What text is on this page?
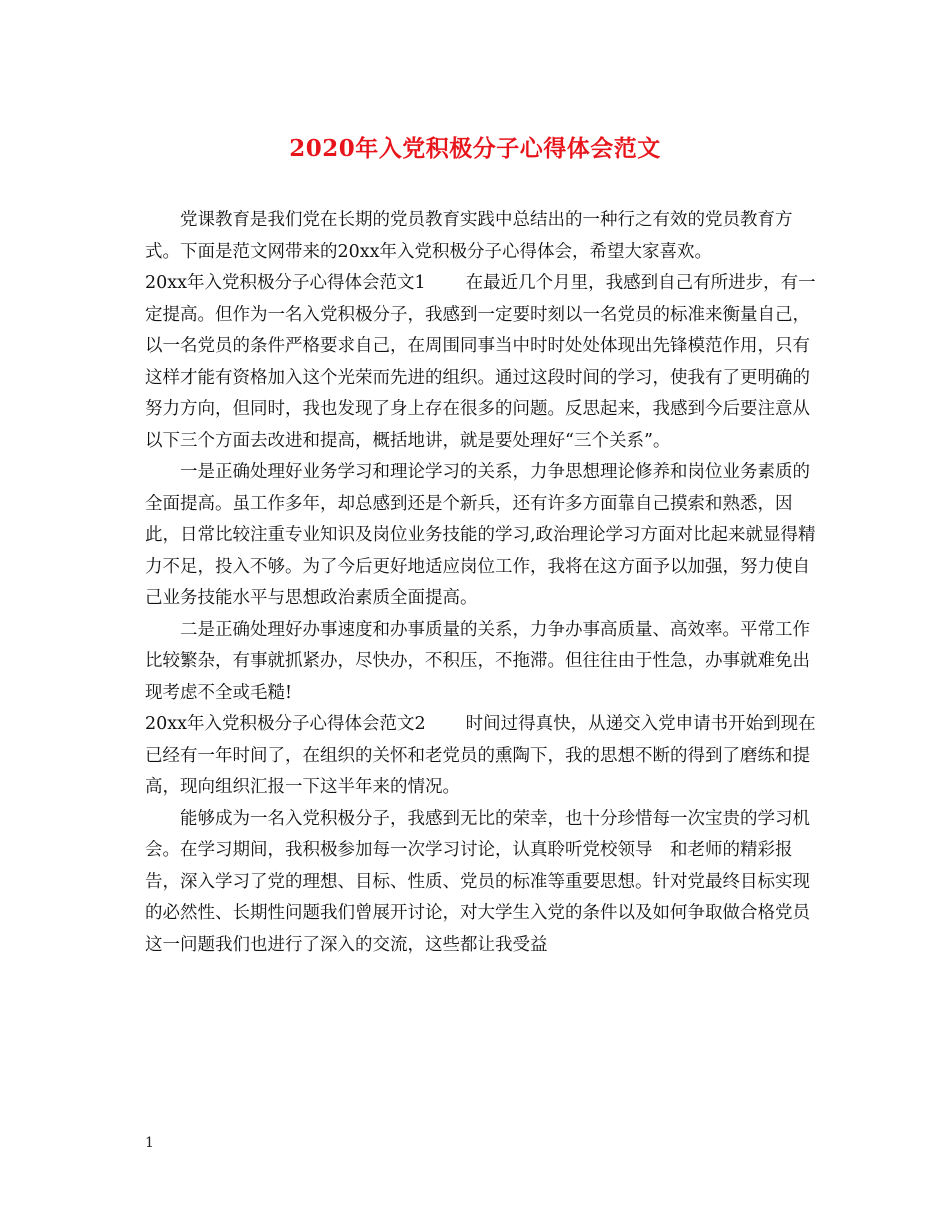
2020年入党积极分子心得体会范文

党课教育是我们党在长期的党员教育实践中总结出的一种行之有效的党员教育方式。下面是范文网带来的20xx年入党积极分子心得体会，希望大家喜欢。

20xx年入党积极分子心得体会范文1 在最近几个月里，我感到自己有所进步，有一定提高。但作为一名入党积极分子，我感到一定要时刻以一名党员的标准来衡量自己，以一名党员的条件严格要求自己，在周围同事当中时时处处体现出先锋模范作用，只有这样才能有资格加入这个光荣而先进的组织。通过这段时间的学习，使我有了更明确的努力方向，但同时，我也发现了身上存在很多的问题。反思起来，我感到今后要注意从以下三个方面去改进和提高，概括地讲，就是要处理好“三个关系”。

一是正确处理好业务学习和理论学习的关系，力争思想理论修养和岗位业务素质的全面提高。虽工作多年，却总感到还是个新兵，还有许多方面靠自己摸索和熟悉，因此，日常比较注重专业知识及岗位业务技能的学习,政治理论学习方面对比起来就显得精力不足，投入不够。为了今后更好地适应岗位工作，我将在这方面予以加强，努力使自己业务技能水平与思想政治素质全面提高。

二是正确处理好办事速度和办事质量的关系，力争办事高质量、高效率。平常工作比较繁杂，有事就抓紧办，尽快办，不积压，不拖滞。但往往由于性急，办事就难免出现考虑不全或毛糙!

20xx年入党积极分子心得体会范文2 时间过得真快，从递交入党申请书开始到现在已经有一年时间了，在组织的关怀和老党员的熏陶下，我的思想不断的得到了磨练和提高，现向组织汇报一下这半年来的情况。

能够成为一名入党积极分子，我感到无比的荣幸，也十分珍惜每一次宝贵的学习机会。在学习期间，我积极参加每一次学习讨论，认真聆听党校领导　和老师的精彩报告，深入学习了党的理想、目标、性质、党员的标准等重要思想。针对党最终目标实现的必然性、长期性问题我们曾展开讨论，对大学生入党的条件以及如何争取做合格党员这一问题我们也进行了深入的交流，这些都让我受益

1
